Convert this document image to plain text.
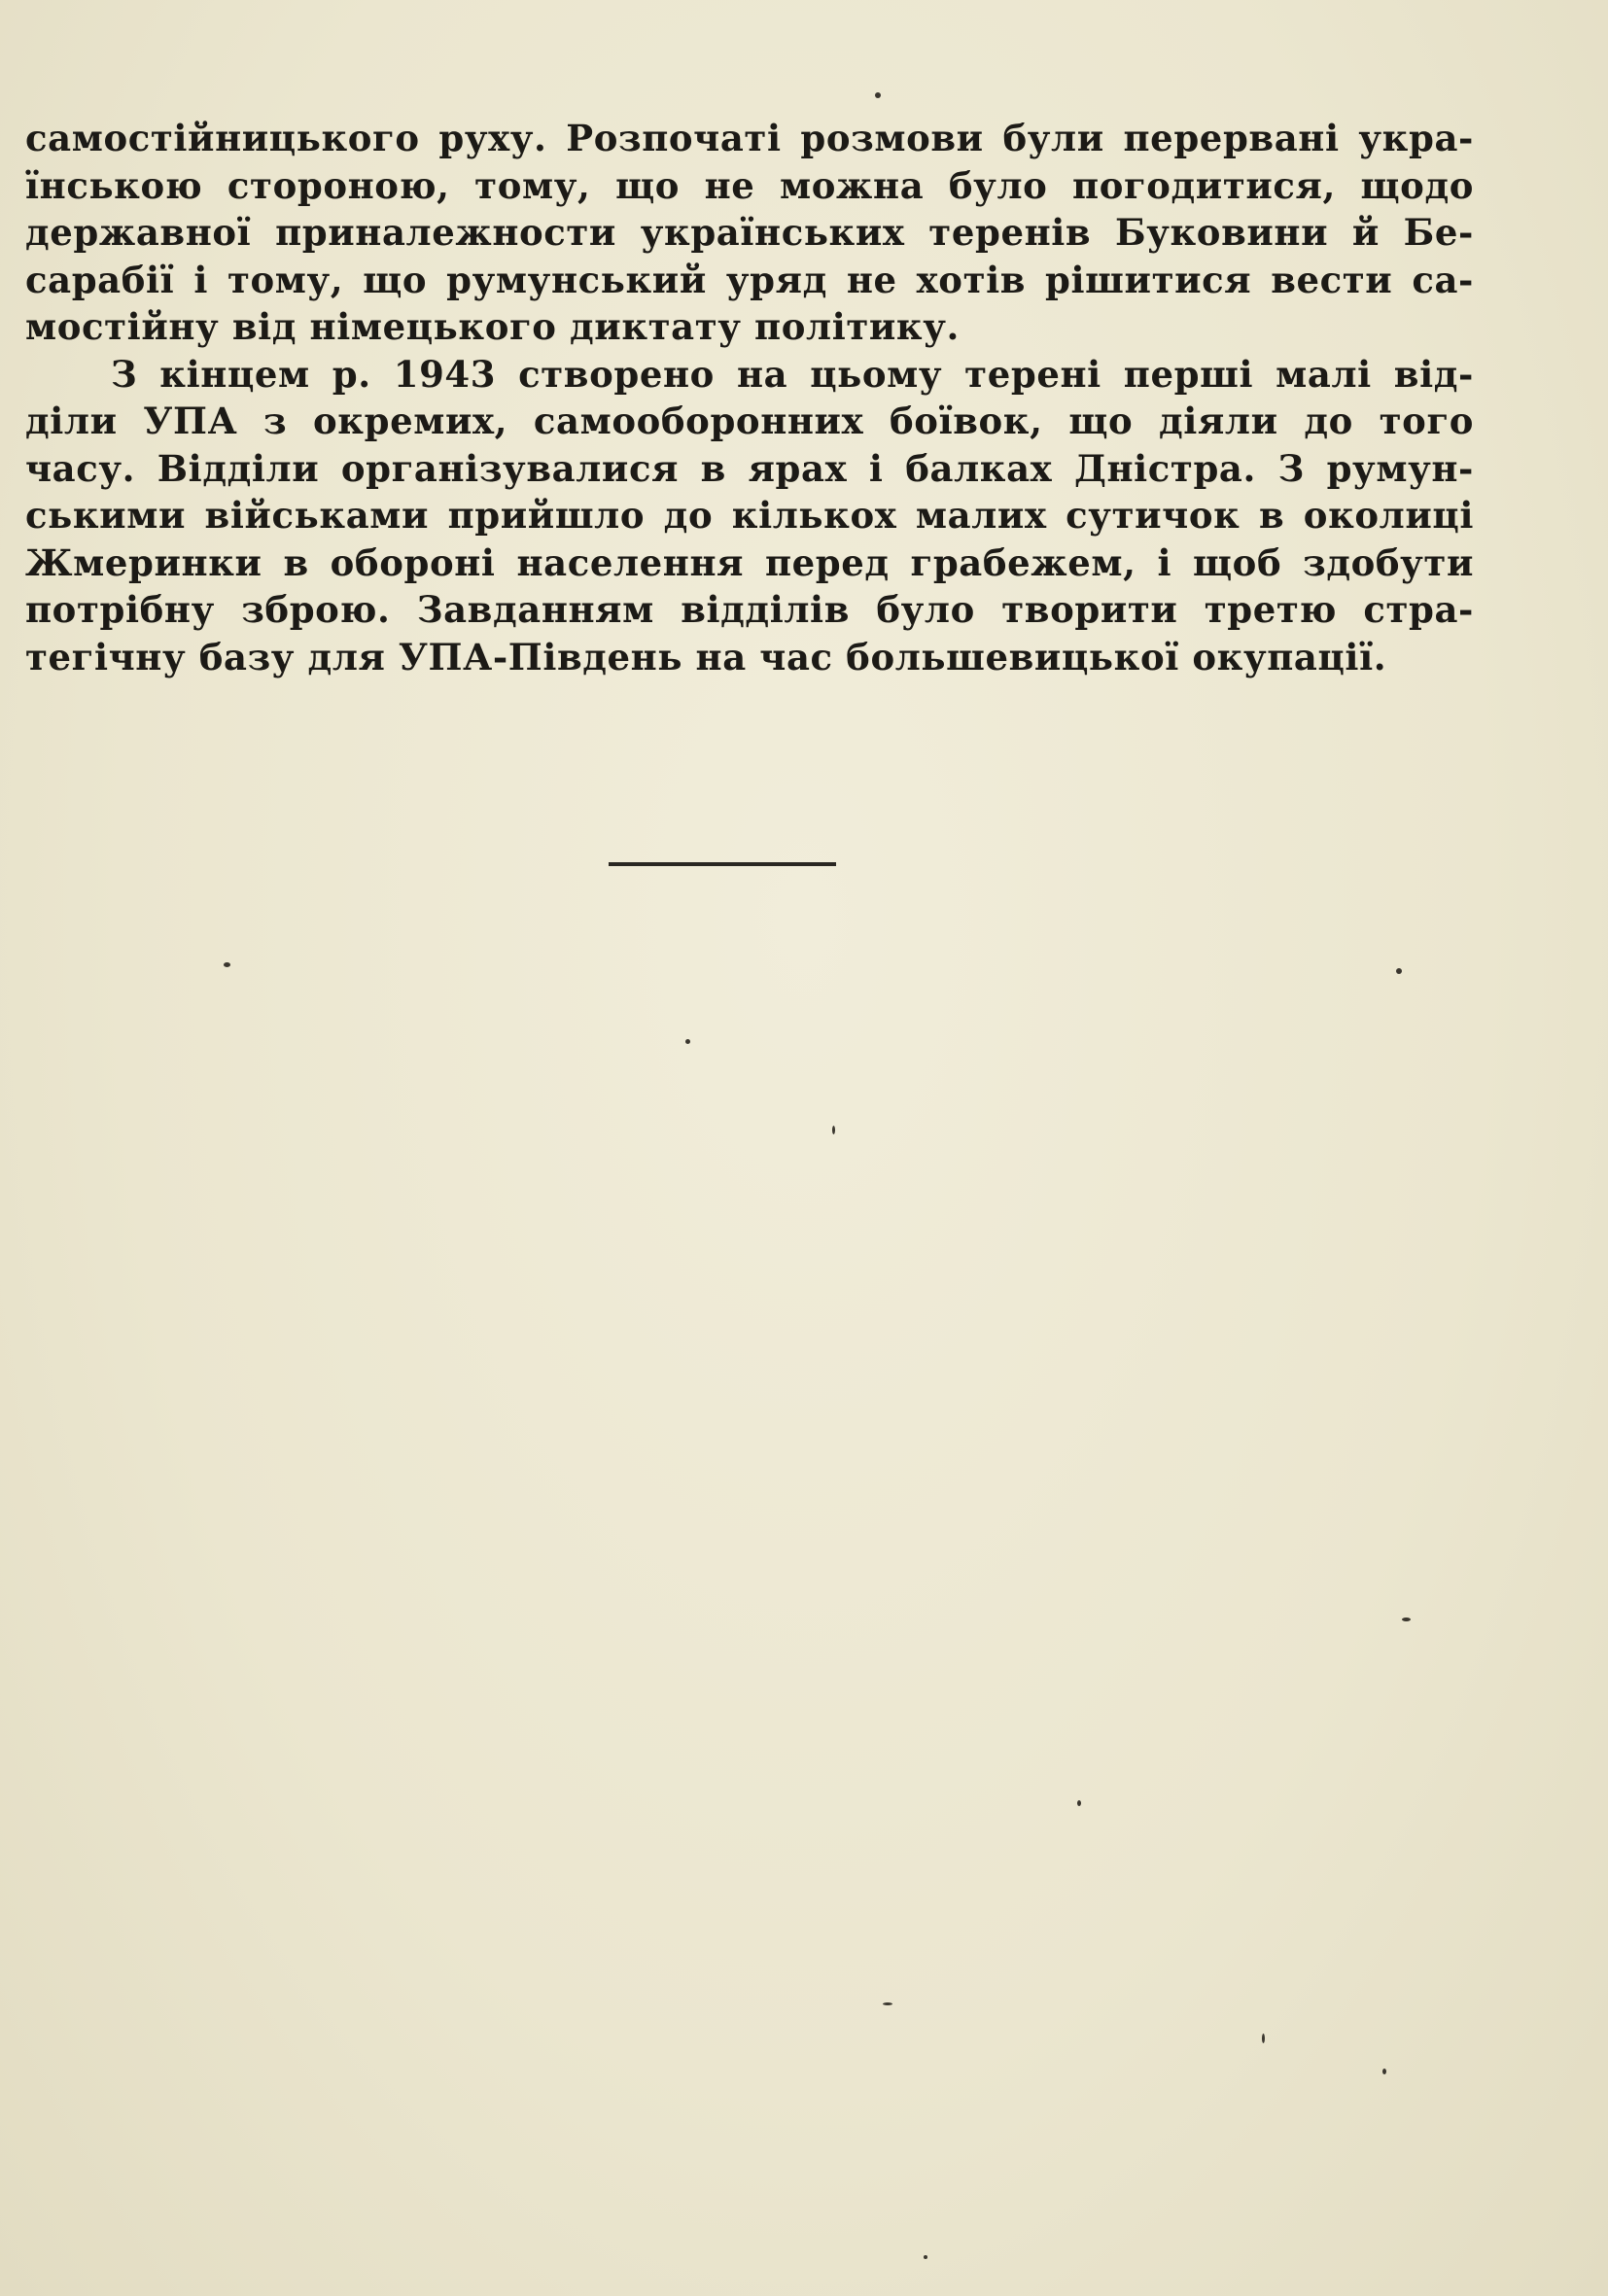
самостійницького руху. Розпочаті розмови були перервані укра-
їнською стороною, тому, що не можна було погодитися, щодо
державної приналежности українських теренів Буковини й Бе-
сарабії і тому, що румунський уряд не хотів рішитися вести са-
мостійну від німецького диктату політику.
З кінцем р. 1943 створено на цьому терені перші малі від-
діли УПА з окремих, самооборонних боївок, що діяли до того
часу. Відділи організувалися в ярах і балках Дністра. З румун-
ськими військами прийшло до кількох малих сутичок в околиці
Жмеринки в обороні населення перед грабежем, і щоб здобути
потрібну зброю. Завданням відділів було творити третю стра-
тегічну базу для УПА-Південь на час большевицької окупації.
